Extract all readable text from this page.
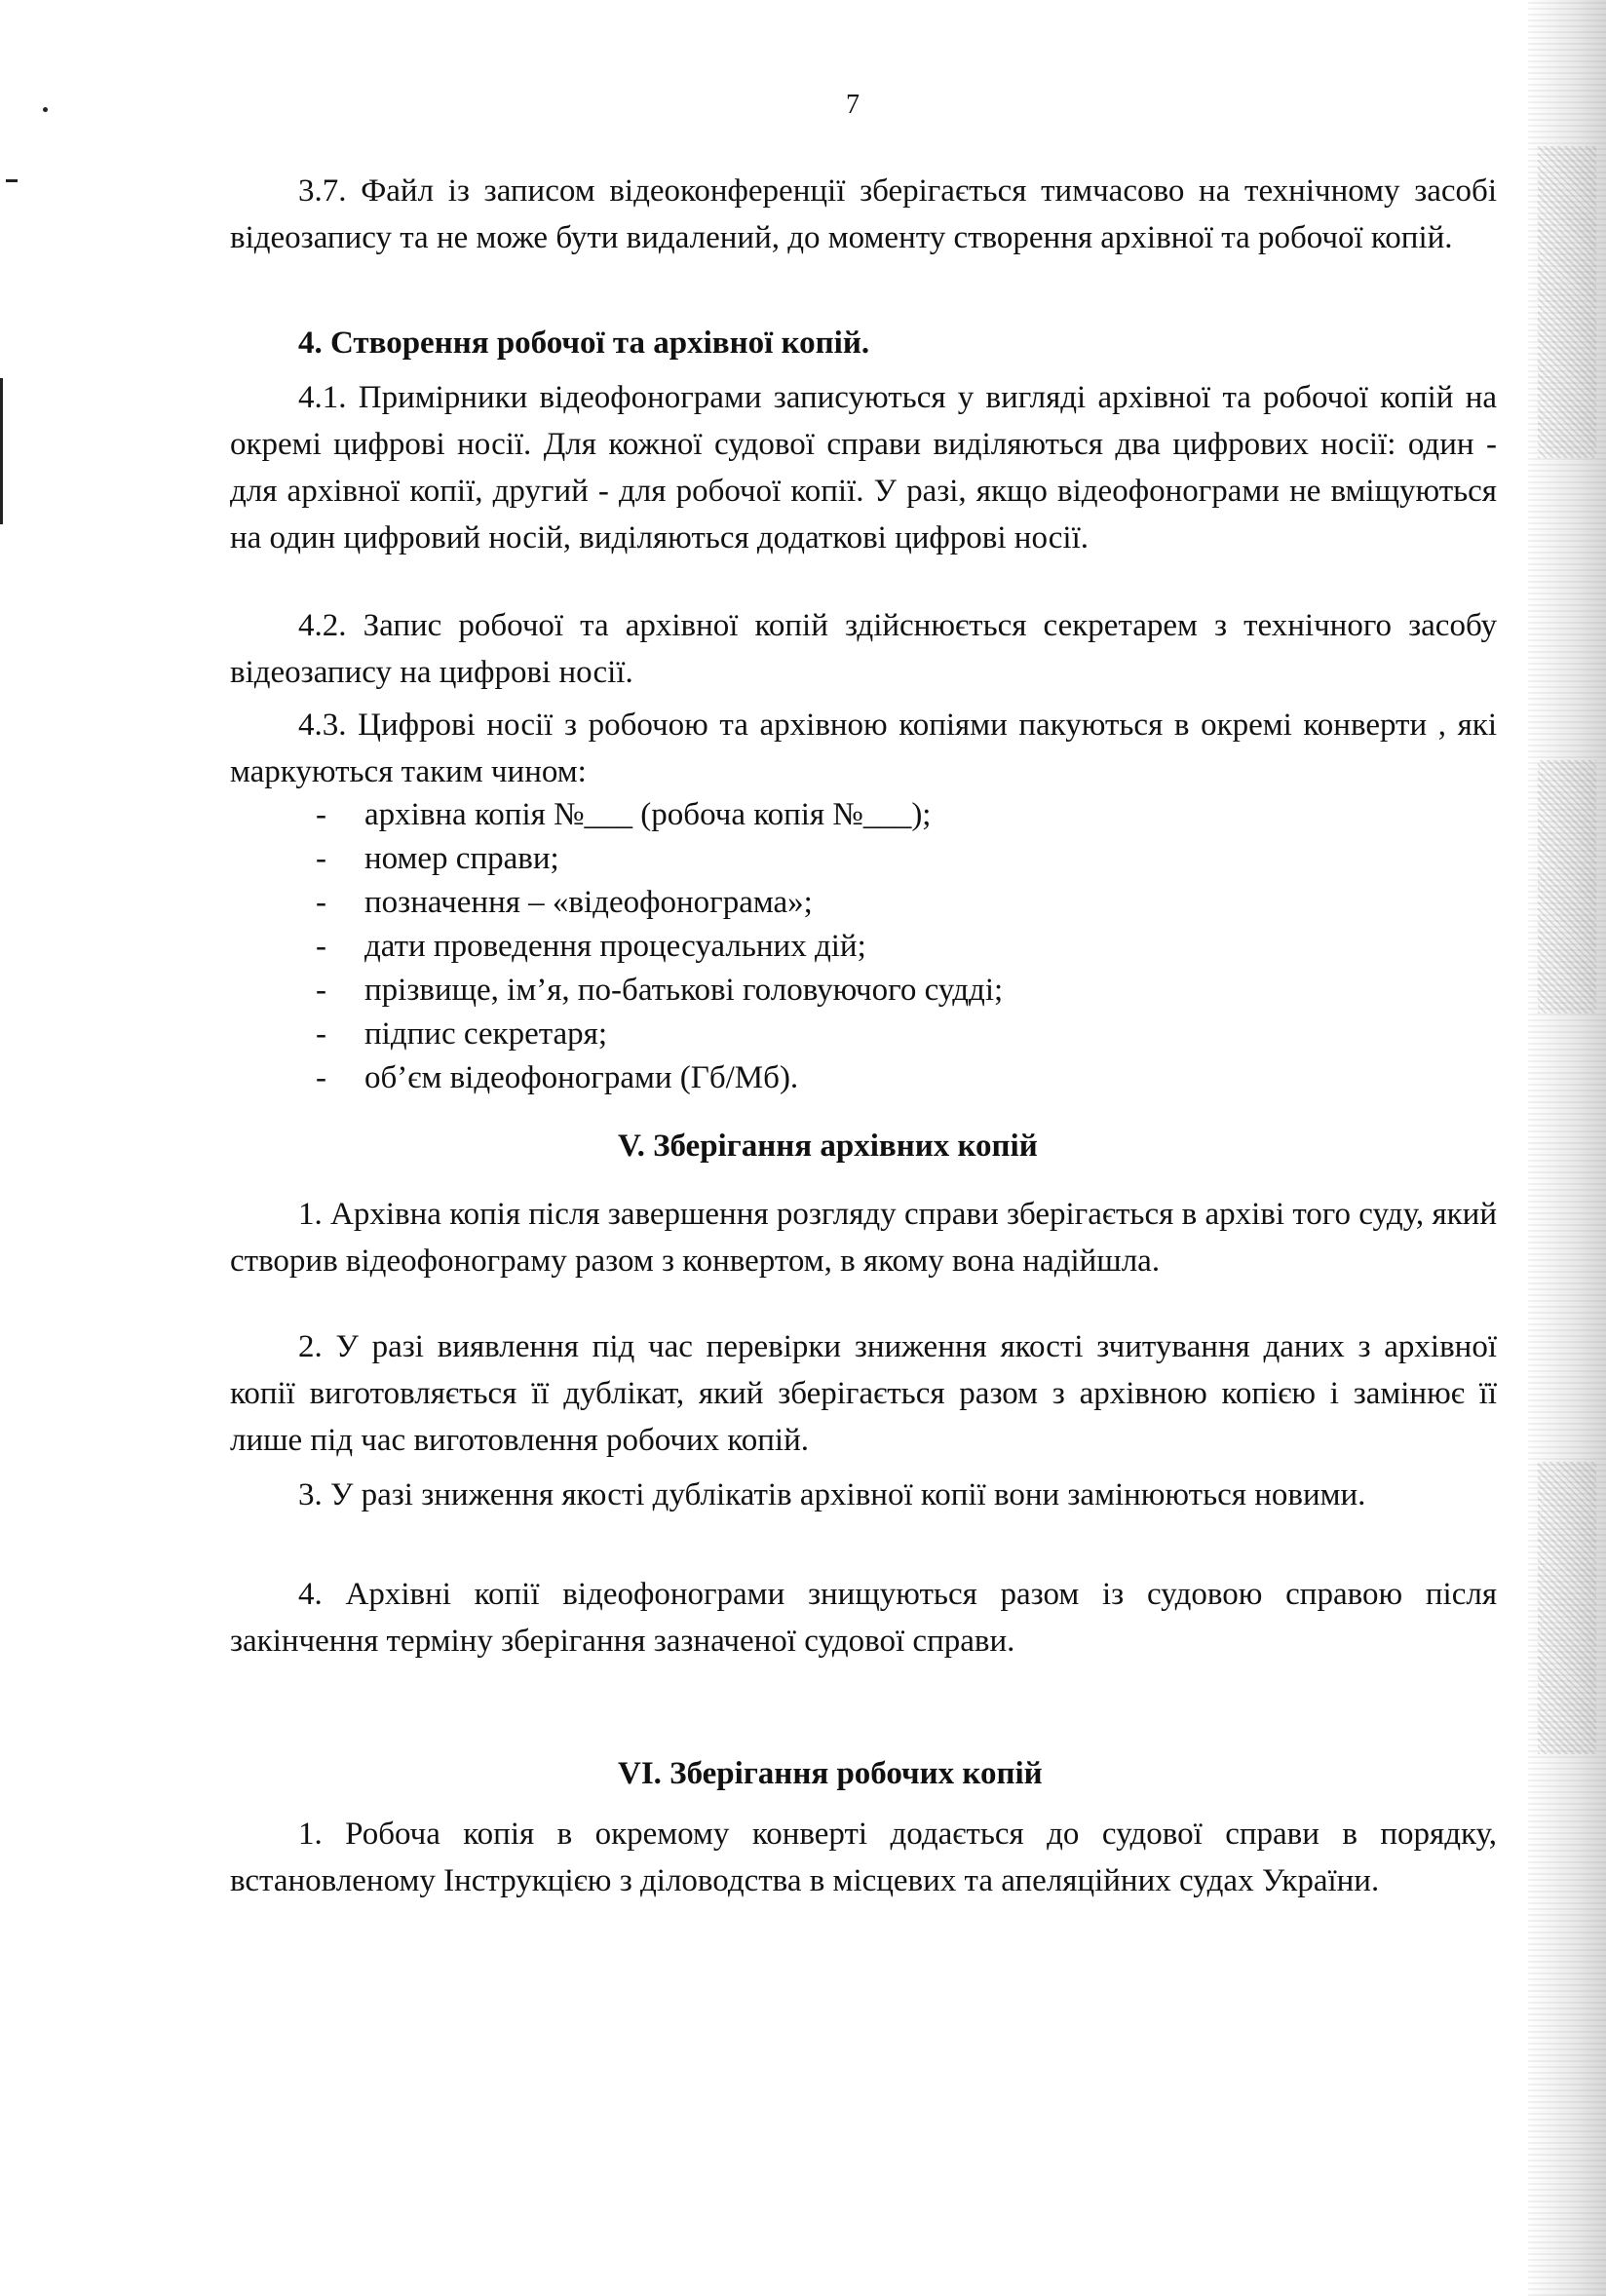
7

3.7. Файл із записом відеоконференції зберігається тимчасово на технічному засобі відеозапису та не може бути видалений, до моменту створення архівної та робочої копій.

4. Створення робочої та архівної копій.

4.1. Примірники відеофонограми записуються у вигляді архівної та робочої копій на окремі цифрові носії. Для кожної судової справи виділяються два цифрових носії: один - для архівної копії, другий - для робочої копії. У разі, якщо відеофонограми не вміщуються на один цифровий носій, виділяються додаткові цифрові носії.

4.2. Запис робочої та архівної копій здійснюється секретарем з технічного засобу відеозапису на цифрові носії.

4.3. Цифрові носії з робочою та архівною копіями пакуються в окремі конверти , які маркуються таким чином:

- архівна копія №___ (робоча копія №___);
- номер справи;
- позначення – «відеофонограма»;
- дати проведення процесуальних дій;
- прізвище, ім’я, по-батькові головуючого судді;
- підпис секретаря;
- об’єм відеофонограми (Гб/Мб).

V. Зберігання архівних копій

1. Архівна копія після завершення розгляду справи зберігається в архіві того суду, який створив відеофонограму разом з конвертом, в якому вона надійшла.

2. У разі виявлення під час перевірки зниження якості зчитування даних з архівної копії виготовляється її дублікат, який зберігається разом з архівною копією і замінює її лише під час виготовлення робочих копій.

3. У разі зниження якості дублікатів архівної копії вони замінюються новими.

4. Архівні копії відеофонограми знищуються разом із судовою справою після закінчення терміну зберігання зазначеної судової справи.

VI. Зберігання робочих копій

1. Робоча копія в окремому конверті додається до судової справи в порядку, встановленому Інструкцією з діловодства в місцевих та апеляційних судах України.
